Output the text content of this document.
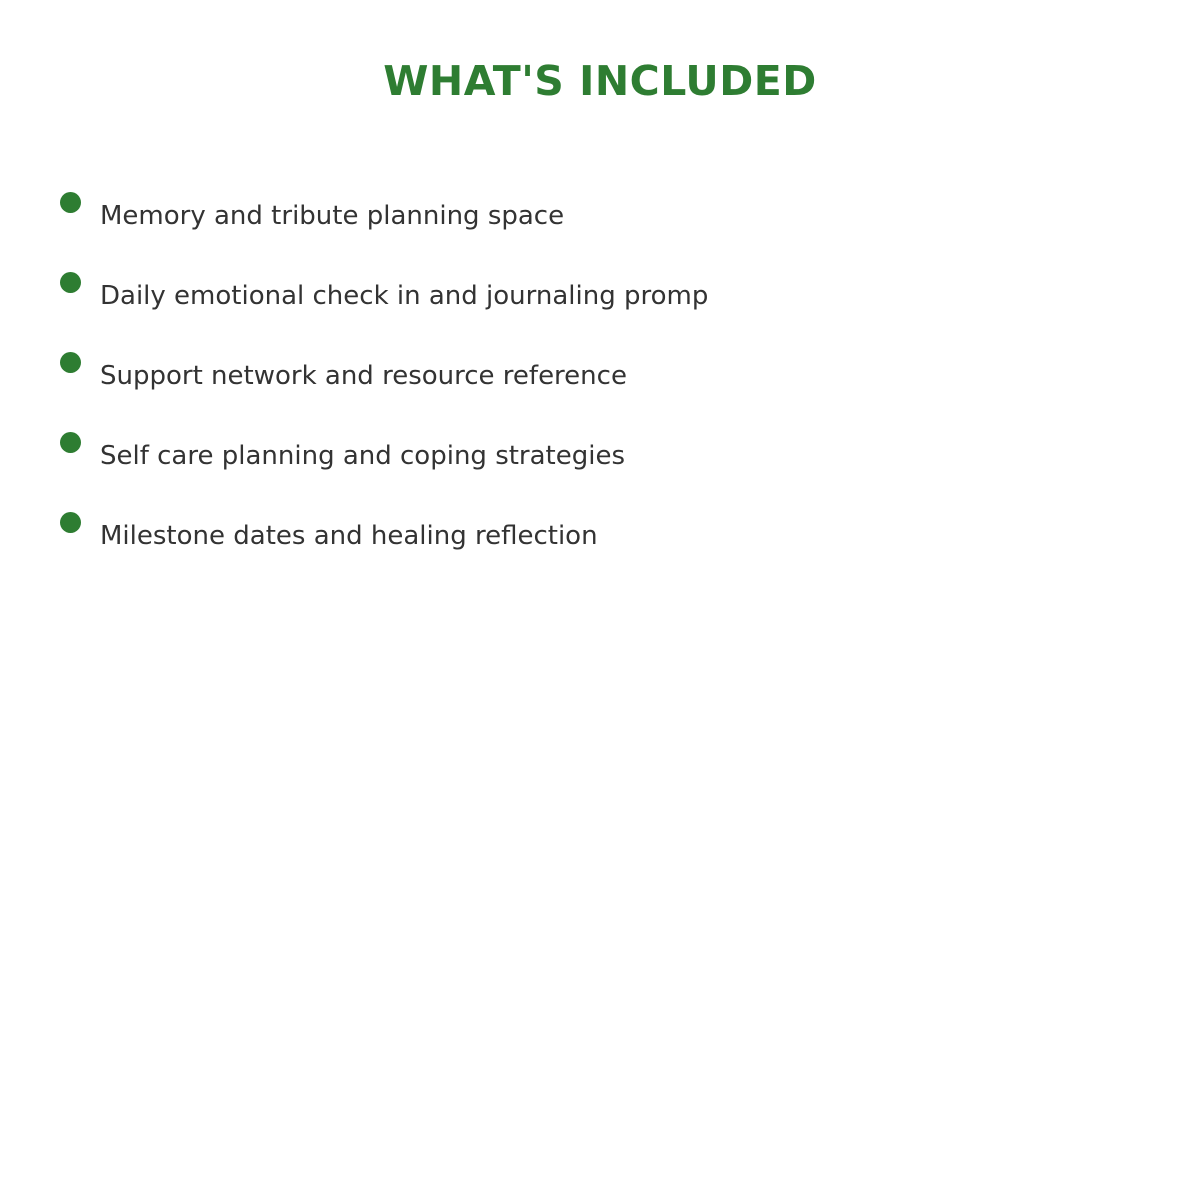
WHAT'S INCLUDED
Memory and tribute planning space
Daily emotional check in and journaling promp
Support network and resource reference
Self care planning and coping strategies
Milestone dates and healing reflection
